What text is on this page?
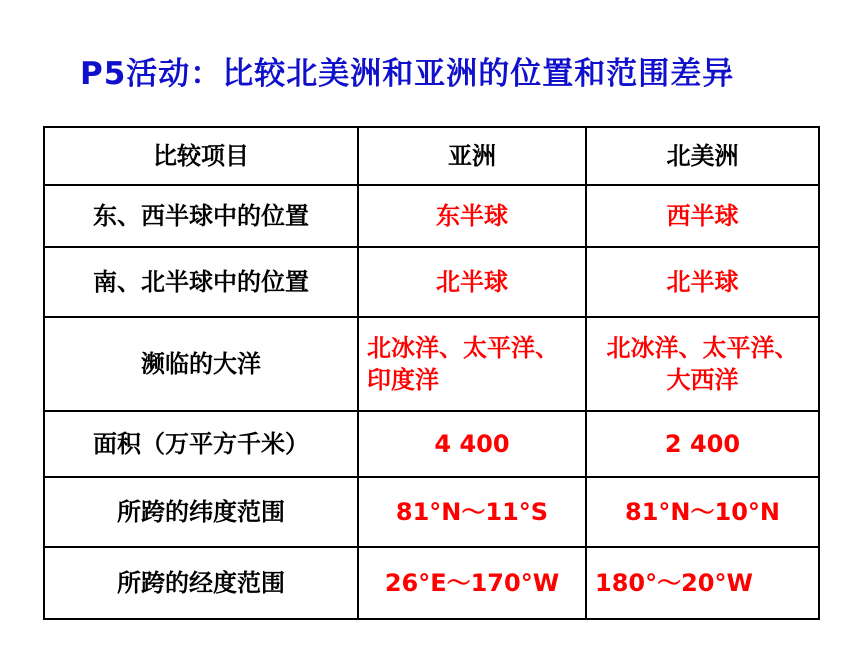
P5活动：比较北美洲和亚洲的位置和范围差异
比较项目	亚洲	北美洲
东、西半球中的位置	东半球	西半球
南、北半球中的位置	北半球	北半球
濒临的大洋	北冰洋、太平洋、印度洋	北冰洋、太平洋、大西洋
面积（万平方千米）	4 400	2 400
所跨的纬度范围	81°N～11°S	81°N～10°N
所跨的经度范围	26°E～170°W	180°～20°W
